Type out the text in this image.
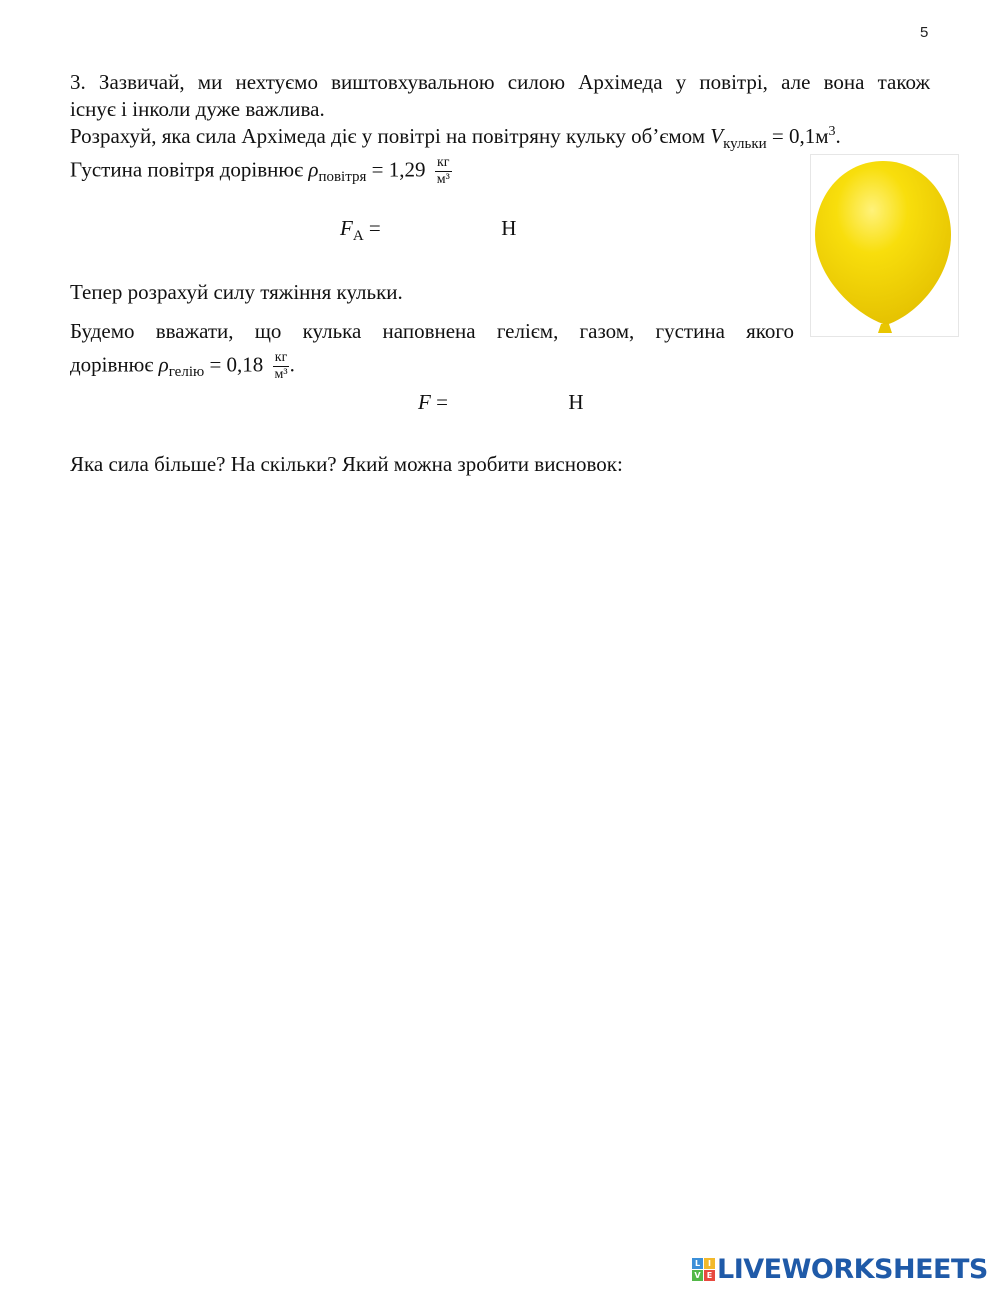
5
3. Зазвичай, ми нехтуємо виштовхувальною силою Архімеда у повітрі, але вона також
існує і інколи дуже важлива.
Розрахуй, яка сила Архімеда діє у повітрі на повітряну кульку об’ємом $V_{кульки} = 0,1м^3$.
Густина повітря дорівнює $\rho_{повітря} = 1,29 \frac{кг}{\text{м³}}$
$F_А$ =	Н
Тепер розрахуй силу тяжіння кульки.
Будемо вважати, що кулька наповнена гелієм, газом, густина якого
дорівнює $\rho_{гелію} = 0,18 \frac{кг}{\text{м³}}$ .
F =	Н
Яка сила більше? На скільки? Який можна зробити висновок:
L I
V E LIVEWORKSHEETS
